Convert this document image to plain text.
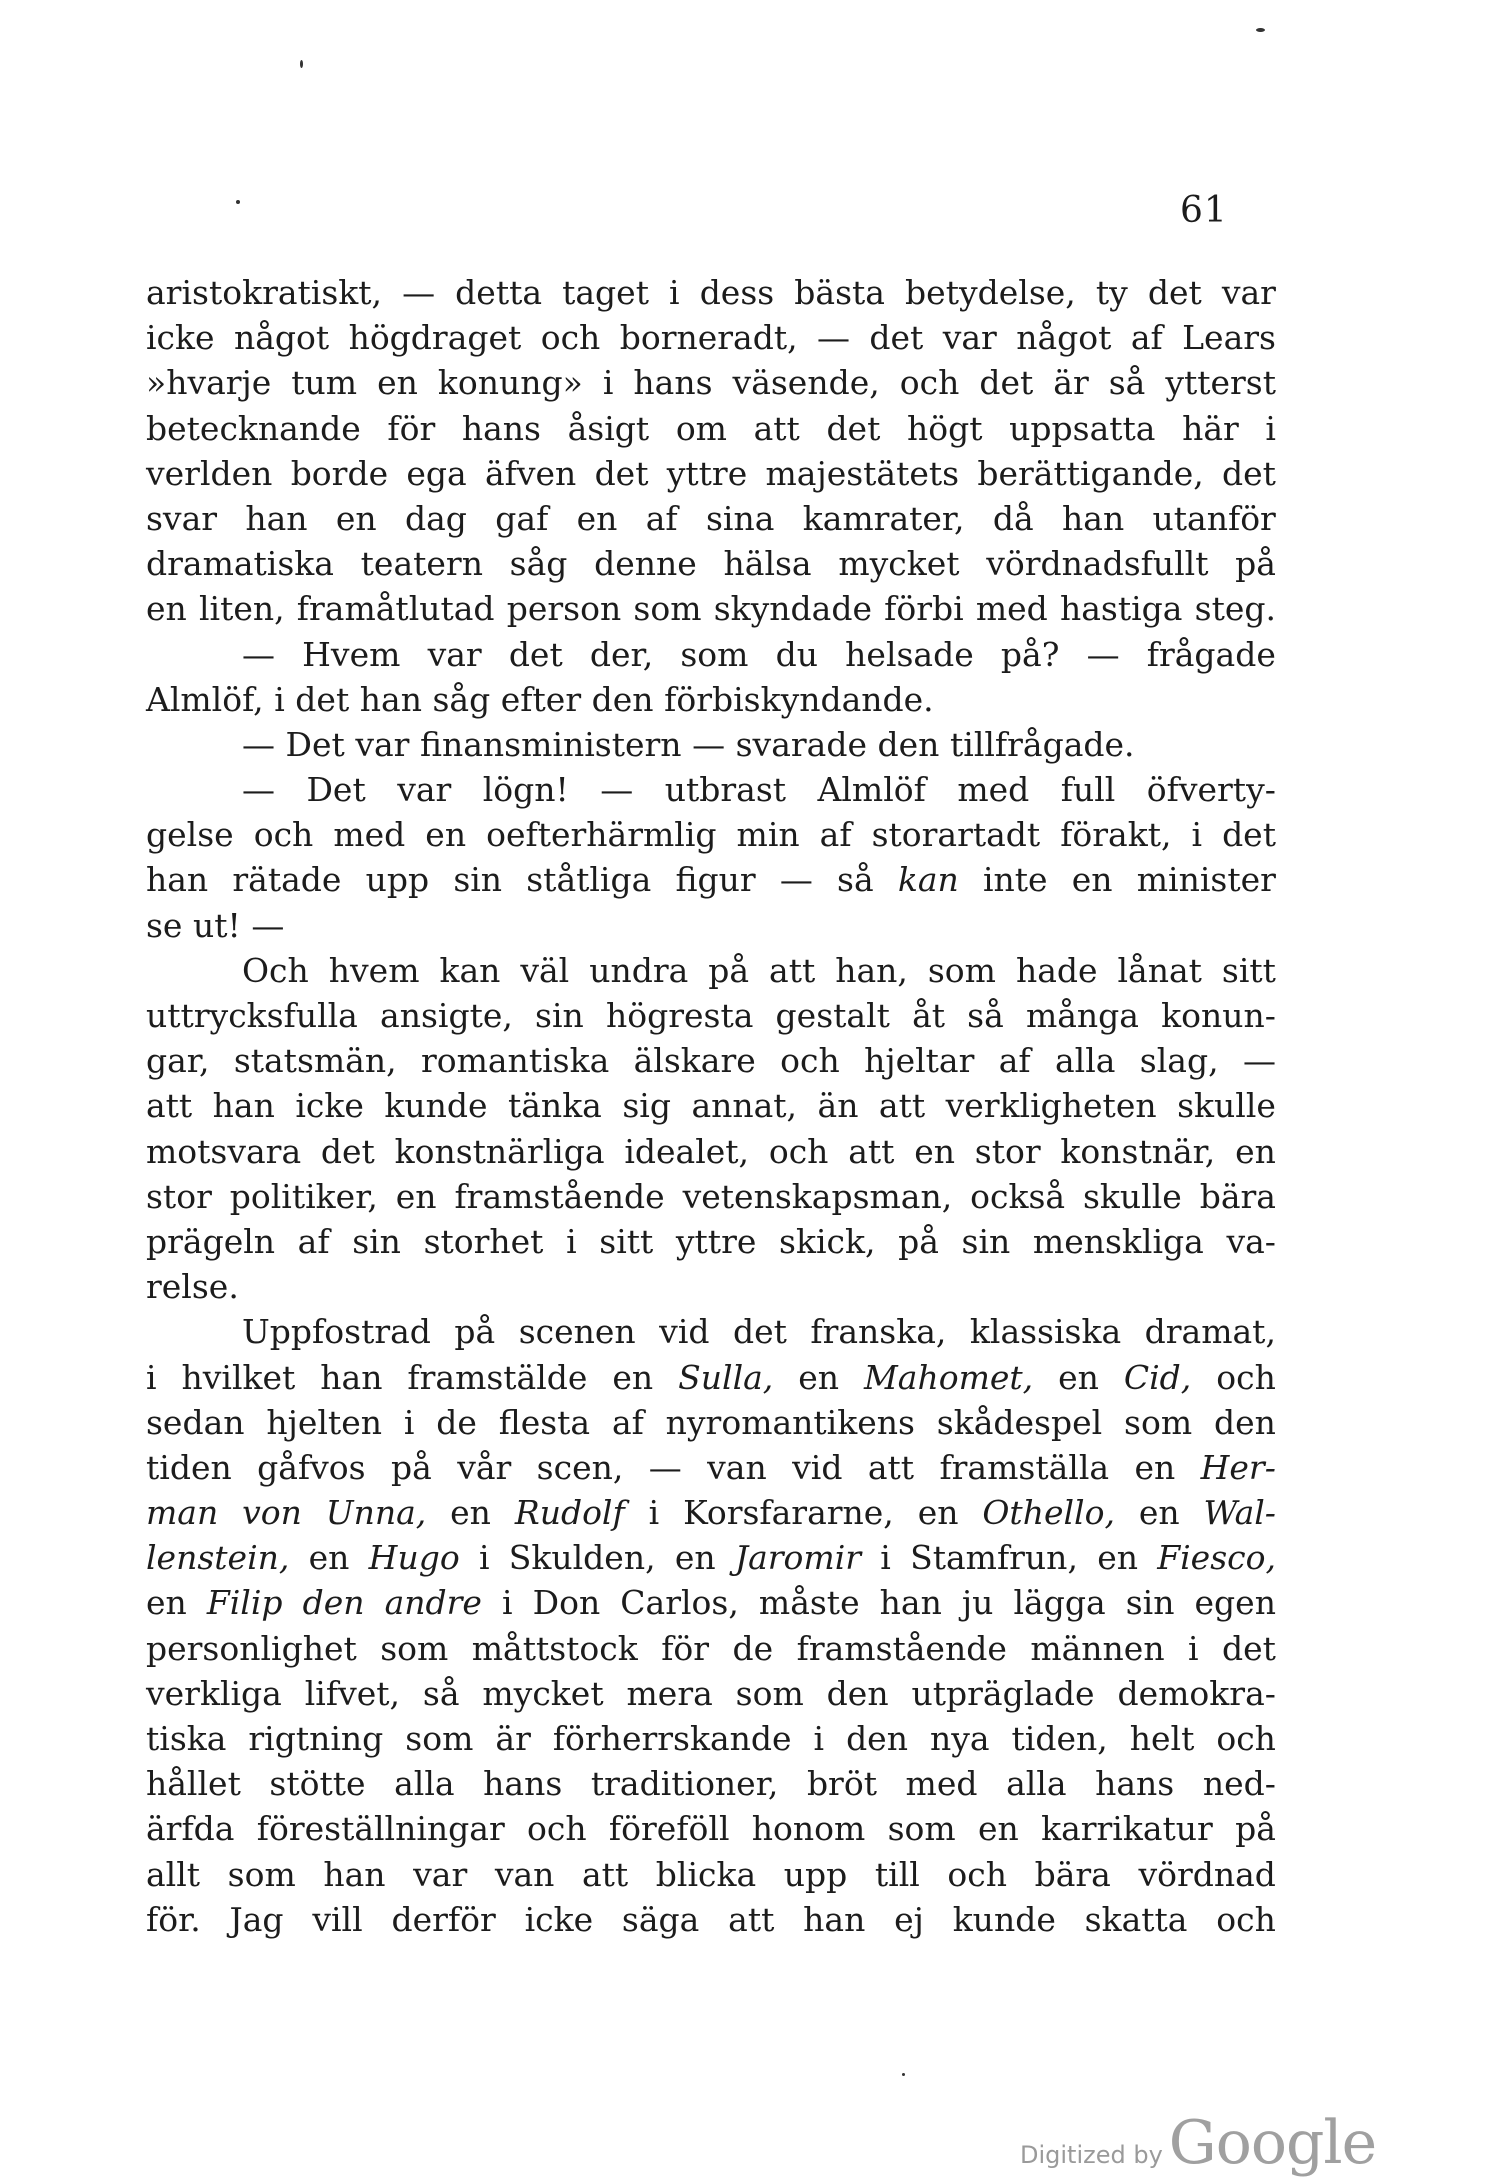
61
aristokratiskt, — detta taget i dess bästa betydelse, ty det var
icke något högdraget och borneradt, — det var något af Lears
»hvarje tum en konung» i hans väsende, och det är så ytterst
betecknande för hans åsigt om att det högt uppsatta här i
verlden borde ega äfven det yttre majestätets berättigande, det
svar han en dag gaf en af sina kamrater, då han utanför
dramatiska teatern såg denne hälsa mycket vördnadsfullt på
en liten, framåtlutad person som skyndade förbi med hastiga steg.
— Hvem var det der, som du helsade på? — frågade
Almlöf, i det han såg efter den förbiskyndande.
— Det var finansministern — svarade den tillfrågade.
— Det var lögn! — utbrast Almlöf med full öfverty-
gelse och med en oefterhärmlig min af storartadt förakt, i det
han rätade upp sin ståtliga figur — så kan inte en minister
se ut! —
Och hvem kan väl undra på att han, som hade lånat sitt
uttrycksfulla ansigte, sin högresta gestalt åt så många konun-
gar, statsmän, romantiska älskare och hjeltar af alla slag, —
att han icke kunde tänka sig annat, än att verkligheten skulle
motsvara det konstnärliga idealet, och att en stor konstnär, en
stor politiker, en framstående vetenskapsman, också skulle bära
prägeln af sin storhet i sitt yttre skick, på sin menskliga va-
relse.
Uppfostrad på scenen vid det franska, klassiska dramat,
i hvilket han framstälde en Sulla, en Mahomet, en Cid, och
sedan hjelten i de flesta af nyromantikens skådespel som den
tiden gåfvos på vår scen, — van vid att framställa en Her-
man von Unna, en Rudolf i Korsfararne, en Othello, en Wal-
lenstein, en Hugo i Skulden, en Jaromir i Stamfrun, en Fiesco,
en Filip den andre i Don Carlos, måste han ju lägga sin egen
personlighet som måttstock för de framstående männen i det
verkliga lifvet, så mycket mera som den utpräglade demokra-
tiska rigtning som är förherrskande i den nya tiden, helt och
hållet stötte alla hans traditioner, bröt med alla hans ned-
ärfda föreställningar och föreföll honom som en karrikatur på
allt som han var van att blicka upp till och bära vördnad
för. Jag vill derför icke säga att han ej kunde skatta och
Digitized by Google
